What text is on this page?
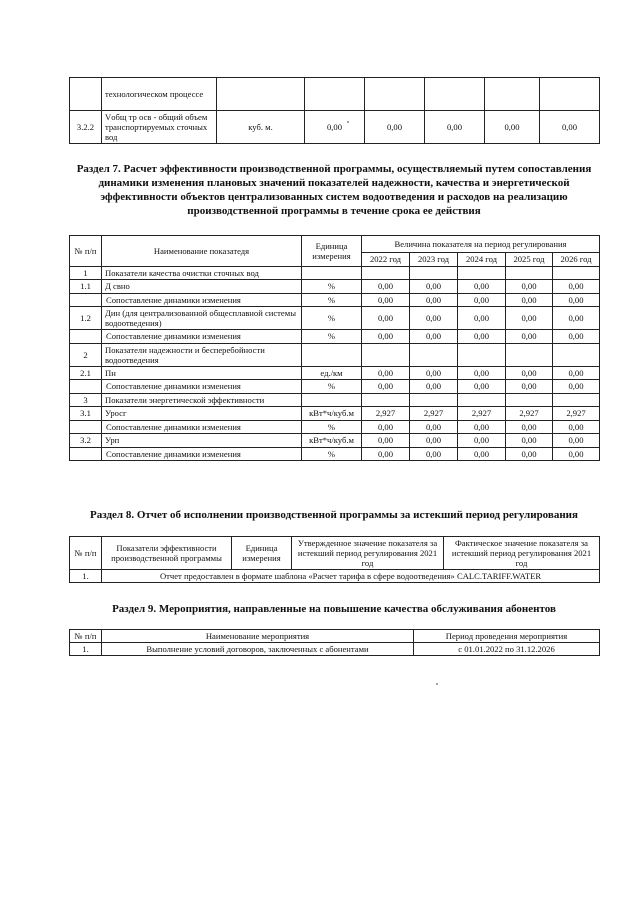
	технологическом процессе						
3.2.2	Vобщ тр осв - общий объем транспортируемых сточных вод	куб. м.	0,00	0,00	0,00	0,00	0,00
Раздел 7. Расчет эффективности производственной программы, осуществляемый путем сопоставления динамики изменения плановых значений показателей надежности, качества и энергетической эффективности объектов централизованных систем водоотведения и расходов на реализацию производственной программы в течение срока ее действия
№ п/п	Наименование показатедя	Единица измерения	Величина показателя на период регулирования				
			2022 год	2023 год	2024 год	2025 год	2026 год
1	Показатели качества очистки сточных вод						
1.1	Д свно	%	0,00	0,00	0,00	0,00	0,00
	Сопоставление динамики изменения	%	0,00	0,00	0,00	0,00	0,00
1.2	Дин (для централизованной общесплавной системы водоотведения)	%	0,00	0,00	0,00	0,00	0,00
	Сопоставление динамики изменения	%	0,00	0,00	0,00	0,00	0,00
2	Показатели надежности и бесперебойности водоотведения						
2.1	Пн	ед./км	0,00	0,00	0,00	0,00	0,00
	Сопоставление динамики изменения	%	0,00	0,00	0,00	0,00	0,00
3	Показатели энергетической эффективности						
3.1	Уросг	кВт*ч/куб.м	2,927	2,927	2,927	2,927	2,927
	Сопоставление динамики изменения	%	0,00	0,00	0,00	0,00	0,00
3.2	Урп	кВт*ч/куб.м	0,00	0,00	0,00	0,00	0,00
	Сопоставление динамики изменения	%	0,00	0,00	0,00	0,00	0,00
Раздел 8. Отчет об исполнении производственной программы за истекший период регулирования
№ п/п	Показатели эффективности производственной программы	Единица измерения	Утвержденное значение показателя за истекший период регулирования 2021 год	Фактическое значение показателя за истекший период регулирования 2021 год
1.	Отчет предоставлен в формате шаблона «Расчет тарифа в сфере водоотведения» CALC.TARIFF.WATER			
Раздел 9. Мероприятия, направленные на повышение качества обслуживания абонентов
№ п/п	Наименование мероприятия	Период проведения мероприятия
1.	Выполнение условий договоров, заключенных с абонентами	с 01.01.2022 по 31.12.2026
